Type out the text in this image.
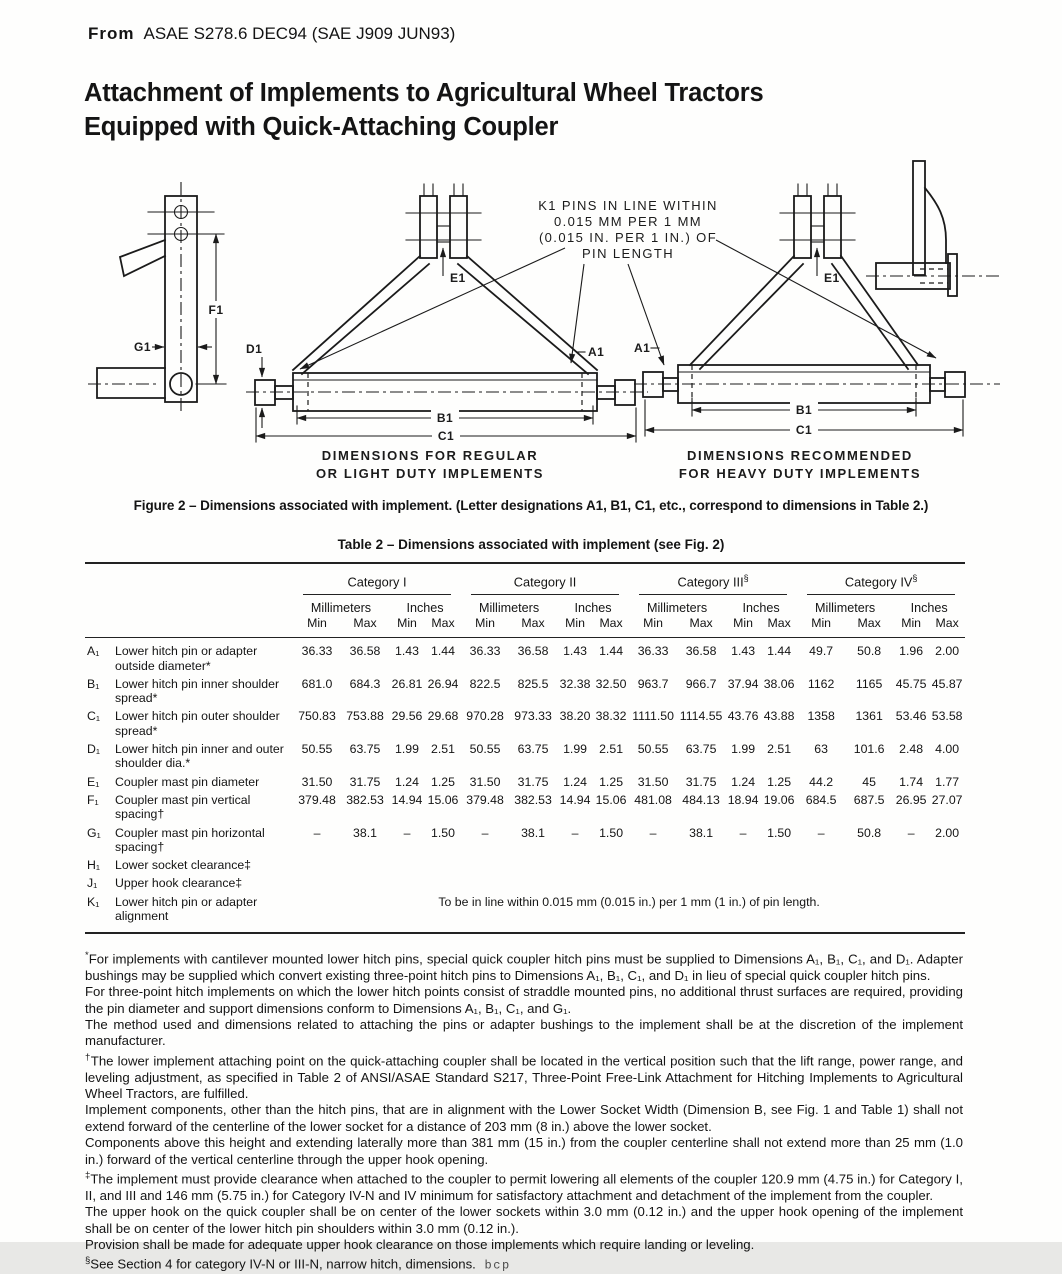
From ASAE S278.6 DEC94 (SAE J909 JUN93)
Attachment of Implements to Agricultural Wheel Tractors
Equipped with Quick-Attaching Coupler
F1
G1
K1 PINS IN LINE WITHIN
0.015 MM PER 1 MM
(0.015 IN. PER 1 IN.) OF
PIN LENGTH
E1
D1	A1
B1
C1
DIMENSIONS FOR REGULAR
OR LIGHT DUTY IMPLEMENTS
E1
A1
B1
C1
DIMENSIONS RECOMMENDED
FOR HEAVY DUTY IMPLEMENTS
Figure 2 – Dimensions associated with implement. (Letter designations A1, B1, C1, etc., correspond to dimensions in Table 2.)
Table 2 – Dimensions associated with implement (see Fig. 2)

		Category I				Category II				Category III§				Category IV§

		Millimeters		Inches		Millimeters		Inches		Millimeters		Inches		Millimeters		Inches	
		Min	Max	Min	Max	Min	Max	Min	Max	Min	Max	Min	Max	Min	Max	Min	Max
A₁	Lower hitch pin or adapter outside diameter*	36.33	36.58	1.43	1.44	36.33	36.58	1.43	1.44	36.33	36.58	1.43	1.44	49.7	50.8	1.96	2.00
B₁	Lower hitch pin inner shoulder spread*	681.0	684.3	26.81	26.94	822.5	825.5	32.38	32.50	963.7	966.7	37.94	38.06	1162	1165	45.75	45.87
C₁	Lower hitch pin outer shoulder spread*	750.83	753.88	29.56	29.68	970.28	973.33	38.20	38.32	1111.50	1114.55	43.76	43.88	1358	1361	53.46	53.58
D₁	Lower hitch pin inner and outer shoulder dia.*	50.55	63.75	1.99	2.51	50.55	63.75	1.99	2.51	50.55	63.75	1.99	2.51	63	101.6	2.48	4.00
E₁	Coupler mast pin diameter	31.50	31.75	1.24	1.25	31.50	31.75	1.24	1.25	31.50	31.75	1.24	1.25	44.2	45	1.74	1.77
F₁	Coupler mast pin vertical spacing†	379.48	382.53	14.94	15.06	379.48	382.53	14.94	15.06	481.08	484.13	18.94	19.06	684.5	687.5	26.95	27.07
G₁	Coupler mast pin horizontal spacing†	–	38.1	–	1.50	–	38.1	–	1.50	–	38.1	–	1.50	–	50.8	–	2.00
H₁	Lower socket clearance‡																
J₁	Upper hook clearance‡																
K₁	Lower hitch pin or adapter alignment	To be in line within 0.015 mm (0.015 in.) per 1 mm (1 in.) of pin length.															

*For implements with cantilever mounted lower hitch pins, special quick coupler hitch pins must be supplied to Dimensions A₁, B₁, C₁, and D₁. Adapter bushings may be supplied which convert existing three-point hitch pins to Dimensions A₁, B₁, C₁, and D₁ in lieu of special quick coupler hitch pins.

For three-point hitch implements on which the lower hitch points consist of straddle mounted pins, no additional thrust surfaces are required, providing the pin diameter and support dimensions conform to Dimensions A₁, B₁, C₁, and G₁.

The method used and dimensions related to attaching the pins or adapter bushings to the implement shall be at the discretion of the implement manufacturer.

†The lower implement attaching point on the quick-attaching coupler shall be located in the vertical position such that the lift range, power range, and leveling adjustment, as specified in Table 2 of ANSI/ASAE Standard S217, Three-Point Free-Link Attachment for Hitching Implements to Agricultural Wheel Tractors, are fulfilled.

Implement components, other than the hitch pins, that are in alignment with the Lower Socket Width (Dimension B, see Fig. 1 and Table 1) shall not extend forward of the centerline of the lower socket for a distance of 203 mm (8 in.) above the lower socket.

Components above this height and extending laterally more than 381 mm (15 in.) from the coupler centerline shall not extend more than 25 mm (1.0 in.) forward of the vertical centerline through the upper hook opening.

‡The implement must provide clearance when attached to the coupler to permit lowering all elements of the coupler 120.9 mm (4.75 in.) for Category I, II, and III and 146 mm (5.75 in.) for Category IV-N and IV minimum for satisfactory attachment and detachment of the implement from the coupler.

The upper hook on the quick coupler shall be on center of the lower sockets within 3.0 mm (0.12 in.) and the upper hook opening of the implement shall be on center of the lower hitch pin shoulders within 3.0 mm (0.12 in.).

Provision shall be made for adequate upper hook clearance on those implements which require landing or leveling.

§See Section 4 for category IV-N or III-N, narrow hitch, dimensions. bcp
